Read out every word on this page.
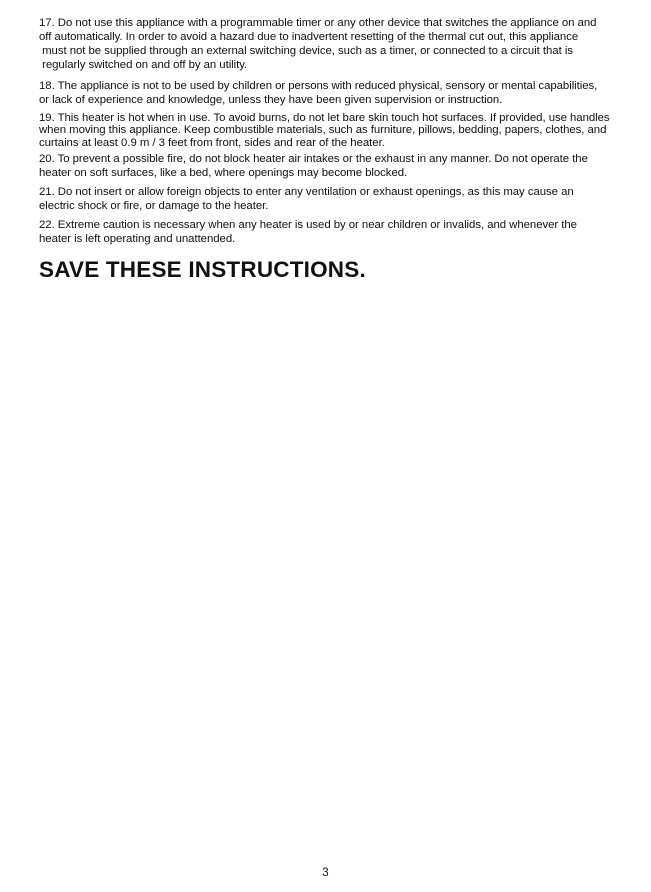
17. Do not use this appliance with a programmable timer or any other device that switches the appliance on and
off automatically. In order to avoid a hazard due to inadvertent resetting of the thermal cut out, this appliance
must not be supplied through an external switching device, such as a timer, or connected to a circuit that is
regularly switched on and off by an utility.

18. The appliance is not to be used by children or persons with reduced physical, sensory or mental capabilities,
or lack of experience and knowledge, unless they have been given supervision or instruction.

19. This heater is hot when in use. To avoid burns, do not let bare skin touch hot surfaces. If provided, use handles
when moving this appliance. Keep combustible materials, such as furniture, pillows, bedding, papers, clothes, and
curtains at least 0.9 m / 3 feet from front, sides and rear of the heater.

20. To prevent a possible fire, do not block heater air intakes or the exhaust in any manner. Do not operate the
heater on soft surfaces, like a bed, where openings may become blocked.

21. Do not insert or allow foreign objects to enter any ventilation or exhaust openings, as this may cause an
electric shock or fire, or damage to the heater.

22. Extreme caution is necessary when any heater is used by or near children or invalids, and whenever the
heater is left operating and unattended.

SAVE THESE INSTRUCTIONS.
3
